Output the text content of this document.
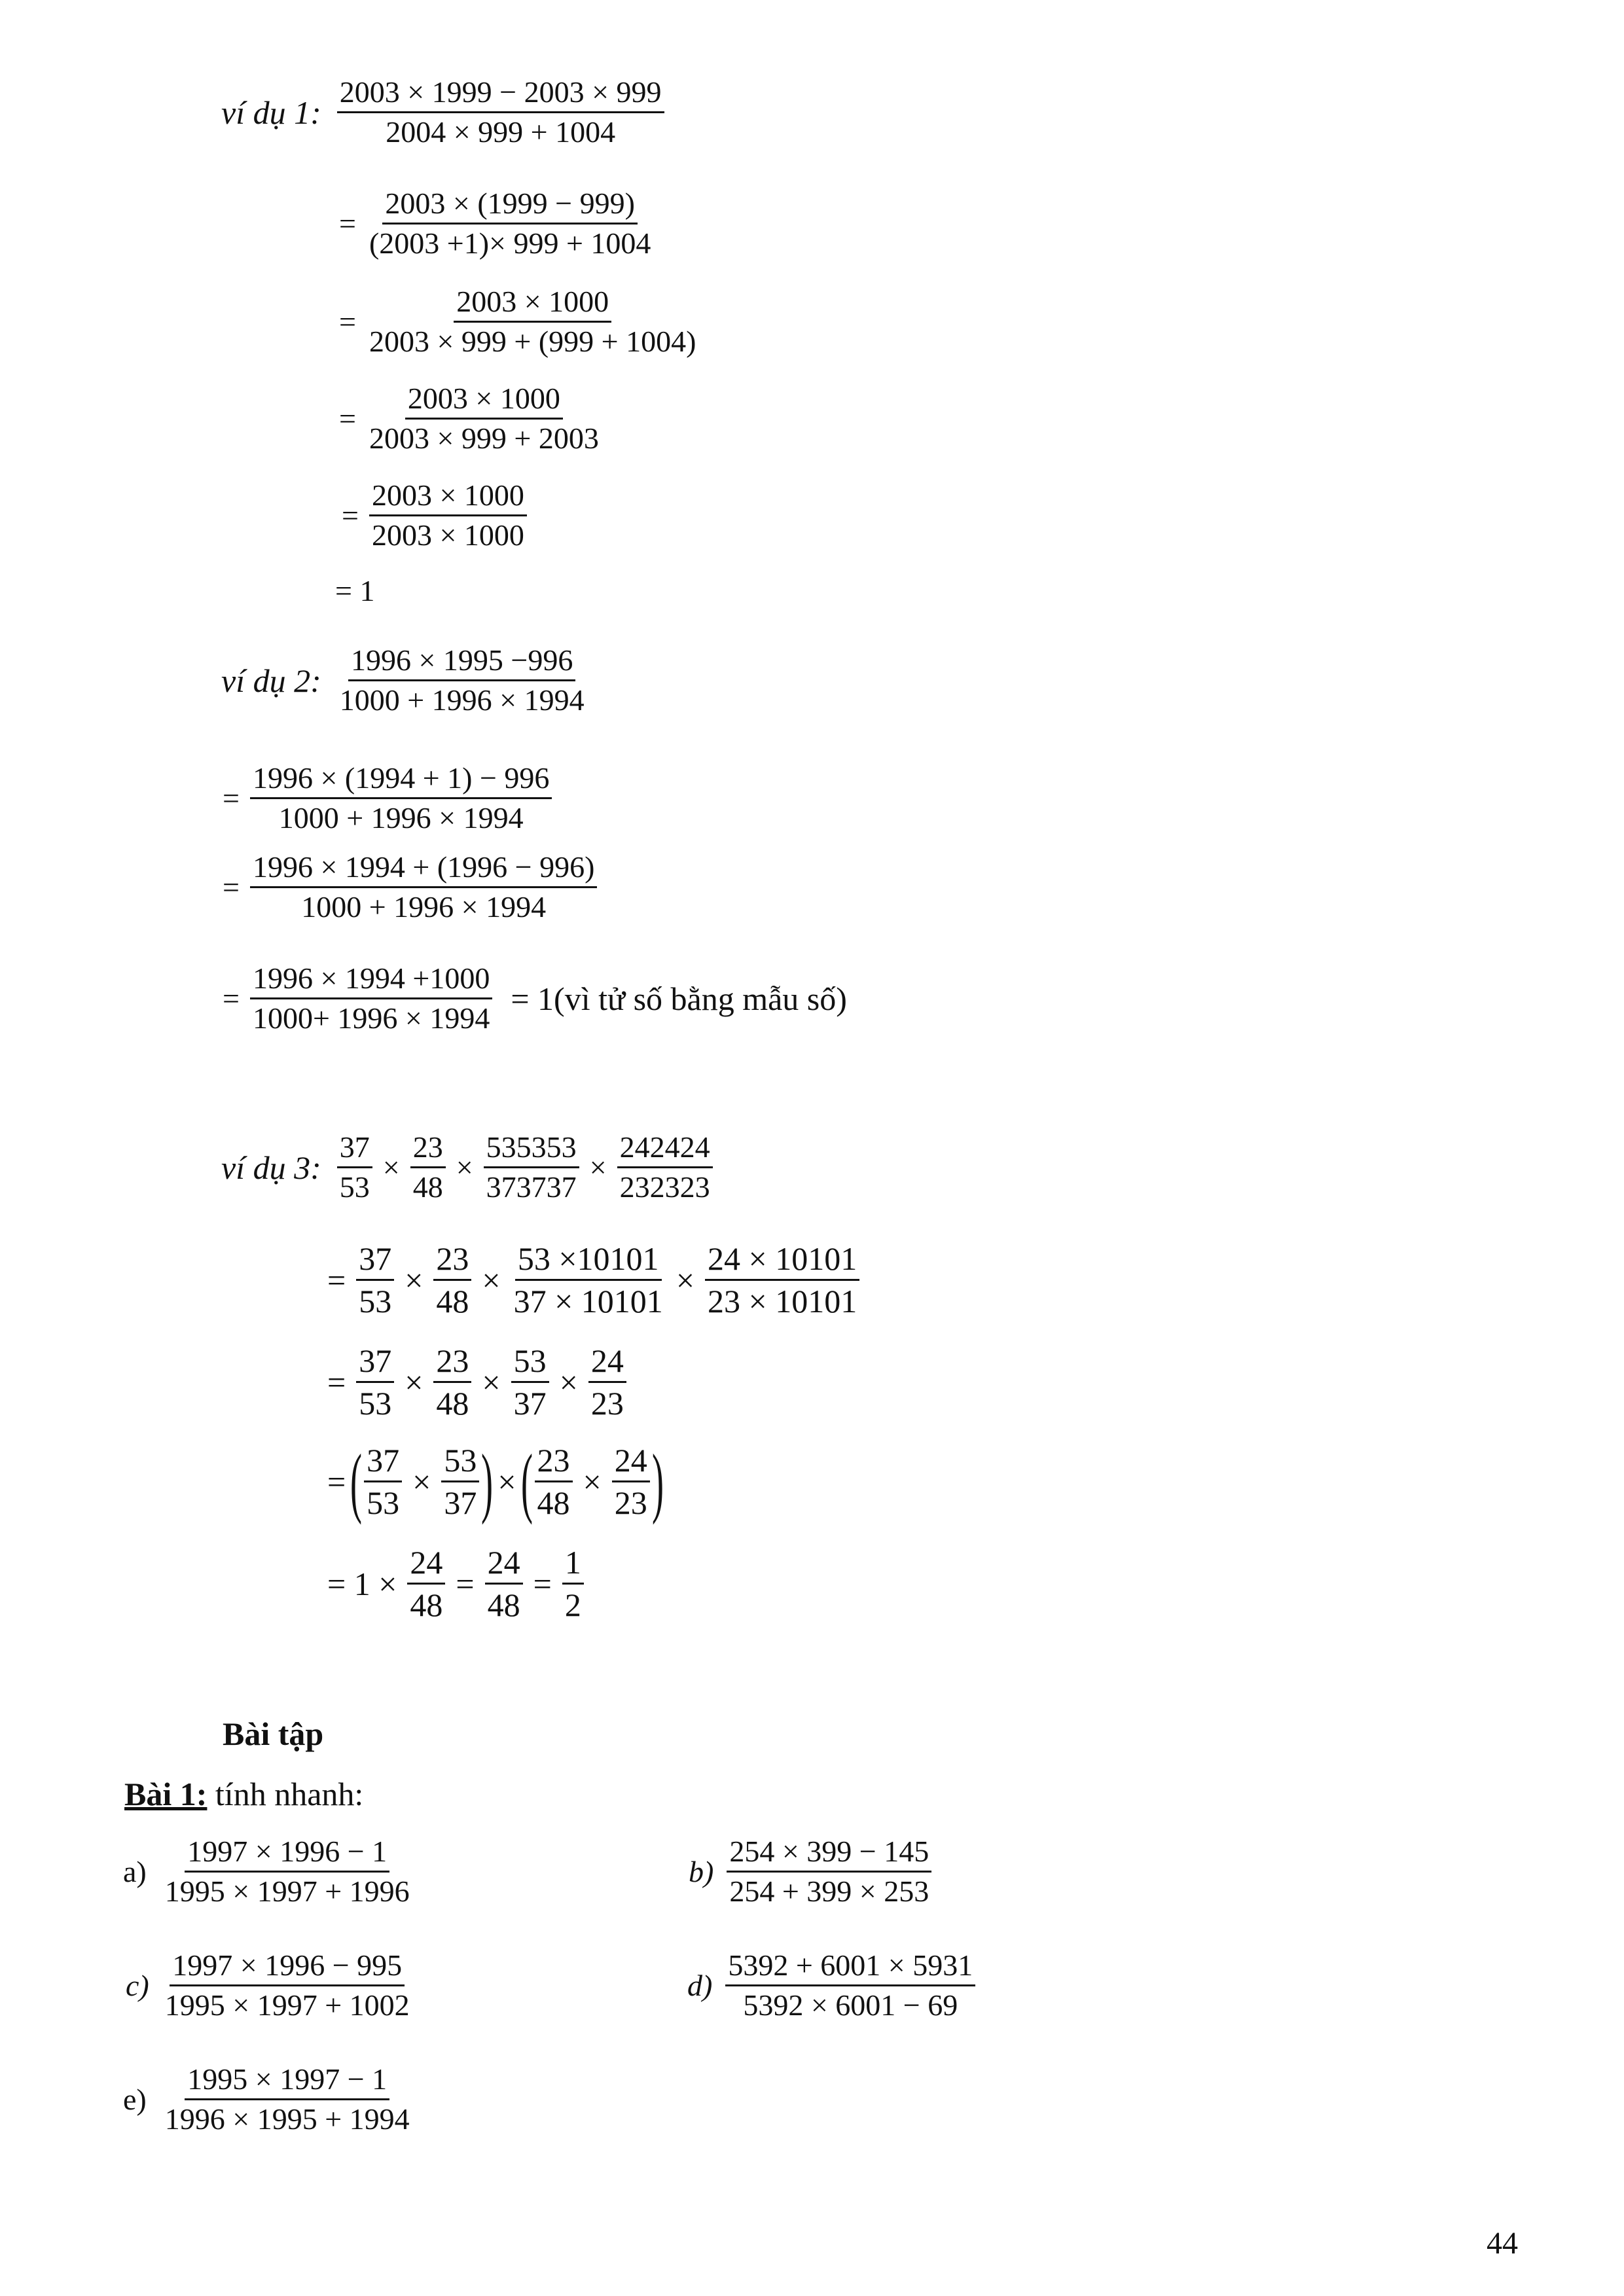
ví dụ 1: $\frac{2003 \times 1999 - 2003 \times 999}{2004 \times 999 + 1004}$
= $\frac{2003 \times (1999 - 999)}{(2003 +1)\times 999 + 1004}$
= $\frac{2003 \times 1000}{2003 \times 999 + (999 + 1004)}$
= $\frac{2003 \times 1000}{2003 \times 999 + 2003}$
= $\frac{2003 \times 1000}{2003 \times 1000}$
= 1
ví dụ 2: $\frac{1996 \times 1995 -996}{1000 + 1996 \times 1994}$
= $\frac{1996 \times (1994 + 1) - 996}{1000 + 1996 \times 1994}$
= $\frac{1996 \times 1994 + (1996 - 996)}{1000 + 1996 \times 1994}$
= $\frac{1996 \times 1994 +1000}{1000+ 1996 \times 1994}$ = 1(vì tử số bằng mẫu số)
ví dụ 3: $\frac{37}{53} \times \frac{23}{48} \times \frac{535353}{373737} \times \frac{242424}{232323}$
= $\frac{37}{53} \times \frac{23}{48} \times \frac{53 \times 10101}{37 \times 10101} \times \frac{24 \times 10101}{23 \times 10101}$
= $\frac{37}{53} \times \frac{23}{48} \times \frac{53}{37} \times \frac{24}{23}$
= ( $\frac{37}{53} \times \frac{53}{37}$ ) × ( $\frac{23}{48} \times \frac{24}{23}$ )
= $1 \times \frac{24}{48} = \frac{24}{48} = \frac{1}{2}$
Bài tập
Bài 1: tính nhanh:
$a) \frac{1997 \times 1996 - 1}{1995 \times 1997 + 1996}$	$b) \frac{254 \times 399 - 145}{254 + 399 \times 253}$
$c) \frac{1997 \times 1996 - 995}{1995 \times 1997 + 1002}$	$d) \frac{5392 + 6001 \times 5931}{5392 \times 6001 - 69}$
$e) \frac{1995 \times 1997 - 1}{1996 \times 1995 + 1994}$
44
